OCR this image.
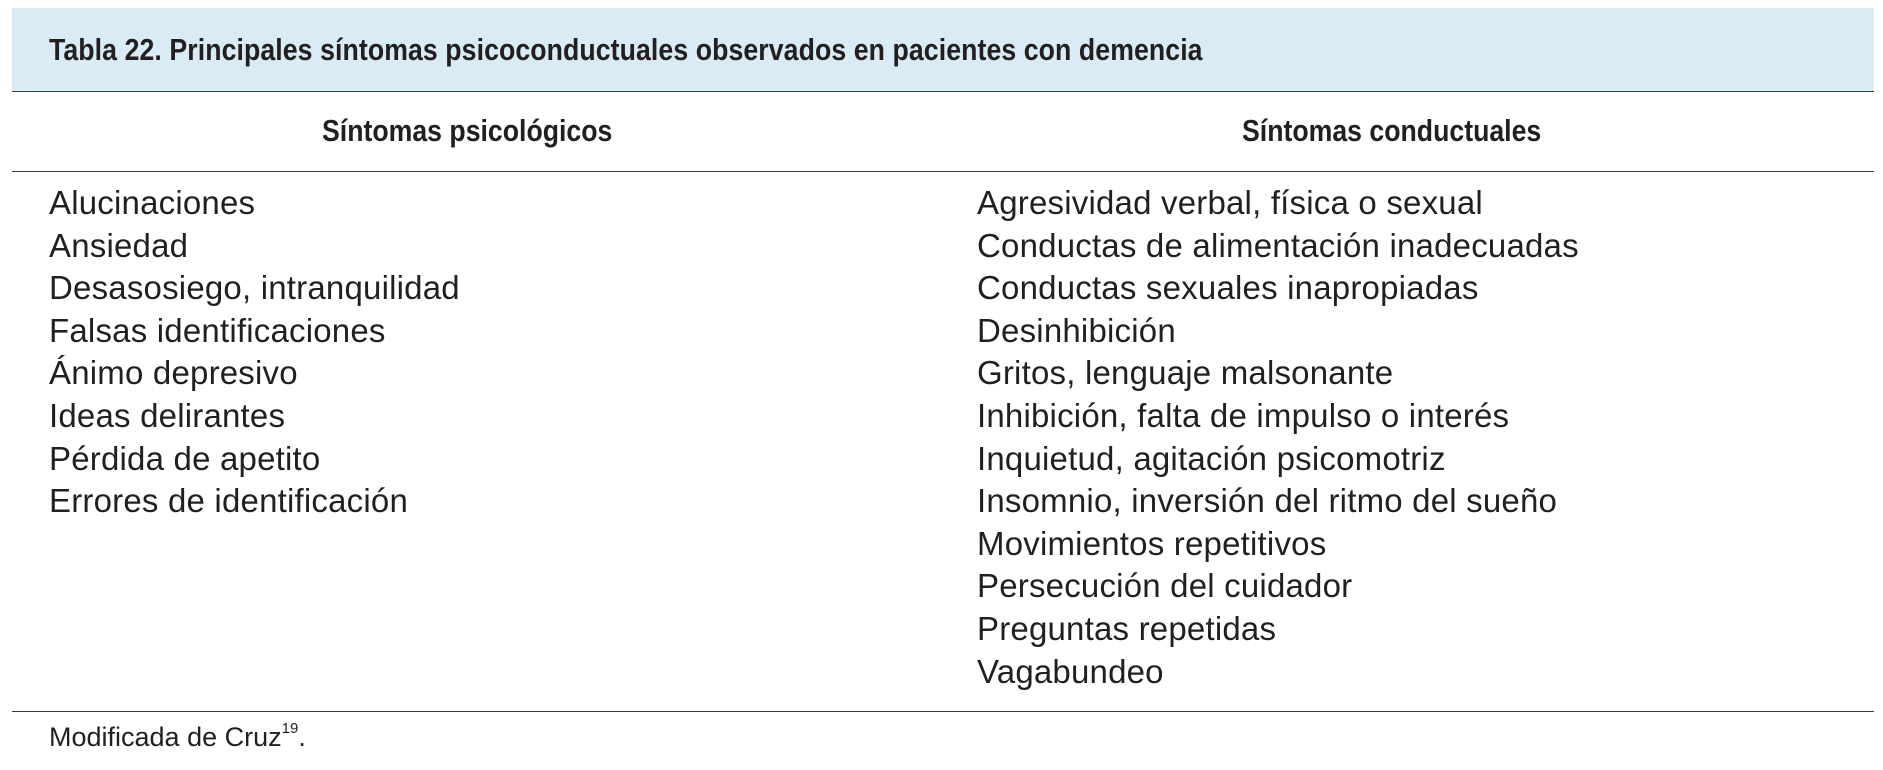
Tabla 22. Principales síntomas psicoconductuales observados en pacientes con demencia
Síntomas psicológicos	Síntomas conductuales
Alucinaciones
Ansiedad
Desasosiego, intranquilidad
Falsas identificaciones
Ánimo depresivo
Ideas delirantes
Pérdida de apetito
Errores de identificación
Agresividad verbal, física o sexual
Conductas de alimentación inadecuadas
Conductas sexuales inapropiadas
Desinhibición
Gritos, lenguaje malsonante
Inhibición, falta de impulso o interés
Inquietud, agitación psicomotriz
Insomnio, inversión del ritmo del sueño
Movimientos repetitivos
Persecución del cuidador
Preguntas repetidas
Vagabundeo
Modificada de Cruz$^{19}$.
